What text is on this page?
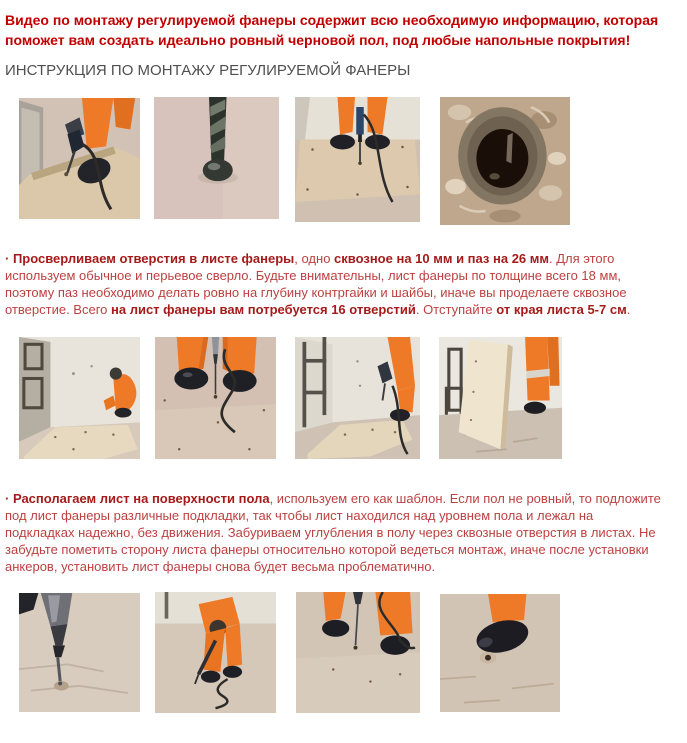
Видео по монтажу регулируемой фанеры содержит всю необходимую информацию, которая поможет вам создать идеально ровный черновой пол, под любые напольные покрытия!

ИНСТРУКЦИЯ ПО МОНТАЖУ РЕГУЛИРУЕМОЙ ФАНЕРЫ

· Просверливаем отверстия в листе фанеры, одно сквозное на 10 мм и паз на 26 мм. Для этого используем обычное и перьевое сверло. Будьте внимательны, лист фанеры по толщине всего 18 мм, поэтому паз необходимо делать ровно на глубину контргайки и шайбы, иначе вы проделаете сквозное отверстие. Всего на лист фанеры вам потребуется 16 отверстий. Отступайте от края листа 5-7 см.

· Располагаем лист на поверхности пола, используем его как шаблон. Если пол не ровный, то подложите под лист фанеры различные подкладки, так чтобы лист находился над уровнем пола и лежал на подкладках надежно, без движения. Забуриваем углубления в полу через сквозные отверстия в листах. Не забудьте пометить сторону листа фанеры относительно которой ведеться монтаж, иначе после установки анкеров, установить лист фанеры снова будет весьма проблематично.
